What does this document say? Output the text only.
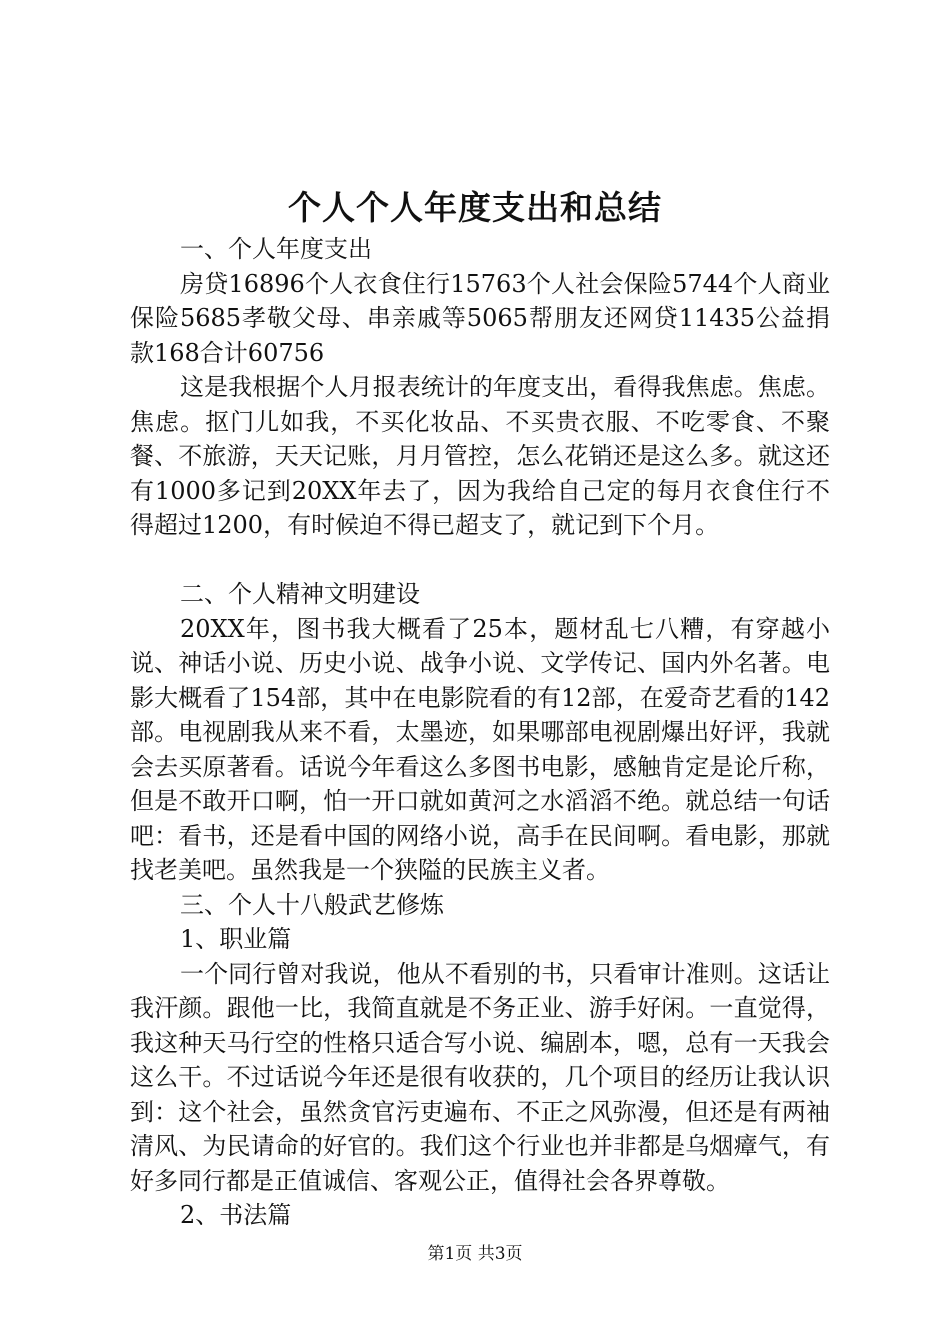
个人个人年度支出和总结

一、个人年度支出

房贷16896个人衣食住行15763个人社会保险5744个人商业保险5685孝敬父母、串亲戚等5065帮朋友还网贷11435公益捐款168合计60756

这是我根据个人月报表统计的年度支出，看得我焦虑。焦虑。焦虑。抠门儿如我，不买化妆品、不买贵衣服、不吃零食、不聚餐、不旅游，天天记账，月月管控，怎么花销还是这么多。就这还有1000多记到20XX年去了，因为我给自己定的每月衣食住行不得超过1200，有时候迫不得已超支了，就记到下个月。

二、个人精神文明建设

20XX年，图书我大概看了25本，题材乱七八糟，有穿越小说、神话小说、历史小说、战争小说、文学传记、国内外名著。电影大概看了154部，其中在电影院看的有12部，在爱奇艺看的142部。电视剧我从来不看，太墨迹，如果哪部电视剧爆出好评，我就会去买原著看。话说今年看这么多图书电影，感触肯定是论斤称，但是不敢开口啊，怕一开口就如黄河之水滔滔不绝。就总结一句话吧：看书，还是看中国的网络小说，高手在民间啊。看电影，那就找老美吧。虽然我是一个狭隘的民族主义者。

三、个人十八般武艺修炼

1、职业篇

一个同行曾对我说，他从不看别的书，只看审计准则。这话让我汗颜。跟他一比，我简直就是不务正业、游手好闲。一直觉得，我这种天马行空的性格只适合写小说、编剧本，嗯，总有一天我会这么干。不过话说今年还是很有收获的，几个项目的经历让我认识到：这个社会，虽然贪官污吏遍布、不正之风弥漫，但还是有两袖清风、为民请命的好官的。我们这个行业也并非都是乌烟瘴气，有好多同行都是正值诚信、客观公正，值得社会各界尊敬。

2、书法篇

第1页 共3页
